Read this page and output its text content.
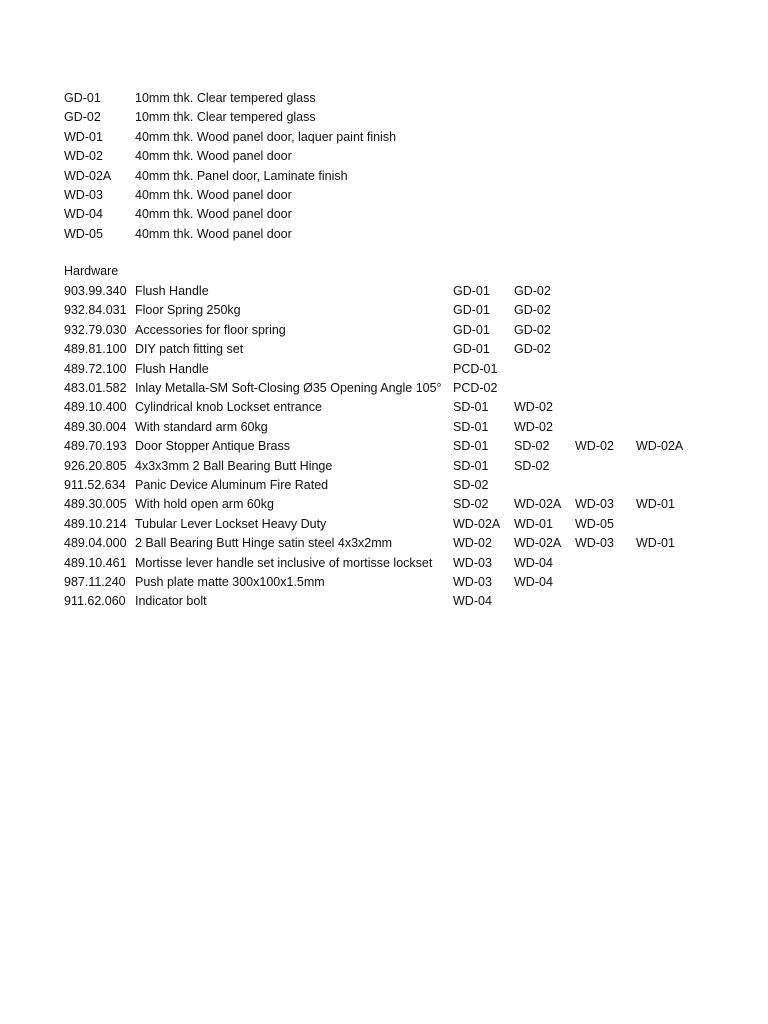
GD-01	10mm thk. Clear tempered glass
GD-02	10mm thk. Clear tempered glass
WD-01	40mm thk. Wood panel door, laquer paint finish
WD-02	40mm thk. Wood panel door
WD-02A 40mm thk. Panel door, Laminate finish
WD-03	40mm thk. Wood panel door
WD-04	40mm thk. Wood panel door
WD-05	40mm thk. Wood panel door
Hardware
903.99.340 Flush Handle	GD-01 GD-02
932.84.031 Floor Spring 250kg	GD-01 GD-02
932.79.030 Accessories for floor spring	GD-01 GD-02
489.81.100 DIY patch fitting set	GD-01 GD-02
489.72.100 Flush Handle	PCD-01
483.01.582 Inlay Metalla-SM Soft-Closing Ø35 Opening Angle 105° PCD-02
489.10.400 Cylindrical knob Lockset entrance	SD-01 WD-02
489.30.004 With standard arm 60kg	SD-01 WD-02
489.70.193 Door Stopper Antique Brass	SD-01 SD-02 WD-02 WD-02A
926.20.805 4x3x3mm 2 Ball Bearing Butt Hinge	SD-01 SD-02
911.52.634 Panic Device Aluminum Fire Rated	SD-02
489.30.005 With hold open arm 60kg	SD-02 WD-02A WD-03 WD-01
489.10.214 Tubular Lever Lockset Heavy Duty	WD-02A WD-01 WD-05
489.04.000 2 Ball Bearing Butt Hinge satin steel 4x3x2mm	WD-02 WD-02A WD-03 WD-01
489.10.461 Mortisse lever handle set inclusive of mortisse lockset WD-03 WD-04
987.11.240 Push plate matte 300x100x1.5mm	WD-03 WD-04
911.62.060 Indicator bolt	WD-04
